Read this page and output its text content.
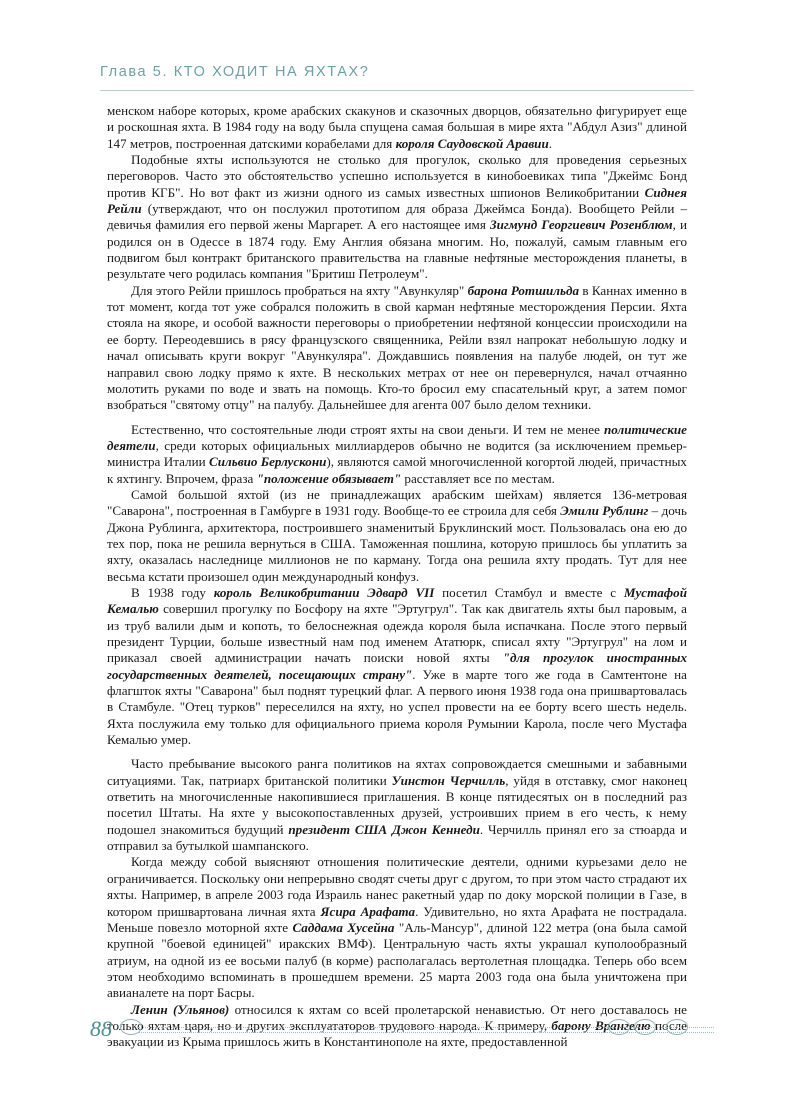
Глава 5. КТО ХОДИТ НА ЯХТАХ?

менском наборе которых, кроме арабских скакунов и сказочных дворцов, обязательно фигурирует еще и роскошная яхта. В 1984 году на воду была спущена самая большая в мире яхта "Абдул Азиз" длиной 147 метров, построенная датскими корабелами для короля Саудовской Аравии.

Подобные яхты используются не столько для прогулок, сколько для проведения серьезных переговоров. Часто это обстоятельство успешно используется в кинобоевиках типа "Джеймс Бонд против КГБ". Но вот факт из жизни одного из самых известных шпионов Великобритании Сиднея Рейли (утверждают, что он послужил прототипом для образа Джеймса Бонда). Вообщето Рейли – девичья фамилия его первой жены Маргарет. А его настоящее имя Зигмунд Георгиевич Розенблюм, и родился он в Одессе в 1874 году. Ему Англия обязана многим. Но, пожалуй, самым главным его подвигом был контракт британского правительства на главные нефтяные месторождения планеты, в результате чего родилась компания "Бритиш Петролеум".

Для этого Рейли пришлось пробраться на яхту "Авункуляр" барона Ротшильда в Каннах именно в тот момент, когда тот уже собрался положить в свой карман нефтяные месторождения Персии. Яхта стояла на якоре, и особой важности переговоры о приобретении нефтяной концессии происходили на ее борту. Переодевшись в рясу французского священника, Рейли взял напрокат небольшую лодку и начал описывать круги вокруг "Авункуляра". Дождавшись появления на палубе людей, он тут же направил свою лодку прямо к яхте. В нескольких метрах от нее он перевернулся, начал отчаянно молотить руками по воде и звать на помощь. Кто-то бросил ему спасательный круг, а затем помог взобраться "святому отцу" на палубу. Дальнейшее для агента 007 было делом техники.

Естественно, что состоятельные люди строят яхты на свои деньги. И тем не менее политические деятели, среди которых официальных миллиардеров обычно не водится (за исключением премьер-министра Италии Сильвио Берлускони), являются самой многочисленной когортой людей, причастных к яхтингу. Впрочем, фраза "положение обязывает" расставляет все по местам.

Самой большой яхтой (из не принадлежащих арабским шейхам) является 136-метровая "Саварона", построенная в Гамбурге в 1931 году. Вообще-то ее строила для себя Эмили Рублинг – дочь Джона Рублинга, архитектора, построившего знаменитый Бруклинский мост. Пользовалась она ею до тех пор, пока не решила вернуться в США. Таможенная пошлина, которую пришлось бы уплатить за яхту, оказалась наследнице миллионов не по карману. Тогда она решила яхту продать. Тут для нее весьма кстати произошел один международный конфуз.

В 1938 году король Великобритании Эдвард VII посетил Стамбул и вместе с Мустафой Кемалью совершил прогулку по Босфору на яхте "Эртугрул". Так как двигатель яхты был паровым, а из труб валили дым и копоть, то белоснежная одежда короля была испачкана. После этого первый президент Турции, больше известный нам под именем Ататюрк, списал яхту "Эртугрул" на лом и приказал своей администрации начать поиски новой яхты "для прогулок иностранных государственных деятелей, посещающих страну". Уже в марте того же года в Самтентоне на флагшток яхты "Саварона" был поднят турецкий флаг. А первого июня 1938 года она пришвартовалась в Стамбуле. "Отец турков" переселился на яхту, но успел провести на ее борту всего шесть недель. Яхта послужила ему только для официального приема короля Румынии Карола, после чего Мустафа Кемалью умер.

Часто пребывание высокого ранга политиков на яхтах сопровождается смешными и забавными ситуациями. Так, патриарх британской политики Уинстон Черчилль, уйдя в отставку, смог наконец ответить на многочисленные накопившиеся приглашения. В конце пятидесятых он в последний раз посетил Штаты. На яхте у высокопоставленных друзей, устроивших прием в его честь, к нему подошел знакомиться будущий президент США Джон Кеннеди. Черчилль принял его за стюарда и отправил за бутылкой шампанского.

Когда между собой выясняют отношения политические деятели, одними курьезами дело не ограничивается. Поскольку они непрерывно сводят счеты друг с другом, то при этом часто страдают их яхты. Например, в апреле 2003 года Израиль нанес ракетный удар по доку морской полиции в Газе, в котором пришвартована личная яхта Ясира Арафата. Удивительно, но яхта Арафата не пострадала. Меньше повезло моторной яхте Саддама Хусейна "Аль-Мансур", длиной 122 метра (она была самой крупной "боевой единицей" иракских ВМФ). Центральную часть яхты украшал куполообразный атриум, на одной из ее восьми палуб (в корме) располагалась вертолетная площадка. Теперь обо всем этом необходимо вспоминать в прошедшем времени. 25 марта 2003 года она была уничтожена при авианалете на порт Басры.

Ленин (Ульянов) относился к яхтам со всей пролетарской ненавистью. От него доставалось не только яхтам царя, но и других эксплуататоров трудового народа. К примеру, барону Врангелю после эвакуации из Крыма пришлось жить в Константинополе на яхте, предоставленной

88
